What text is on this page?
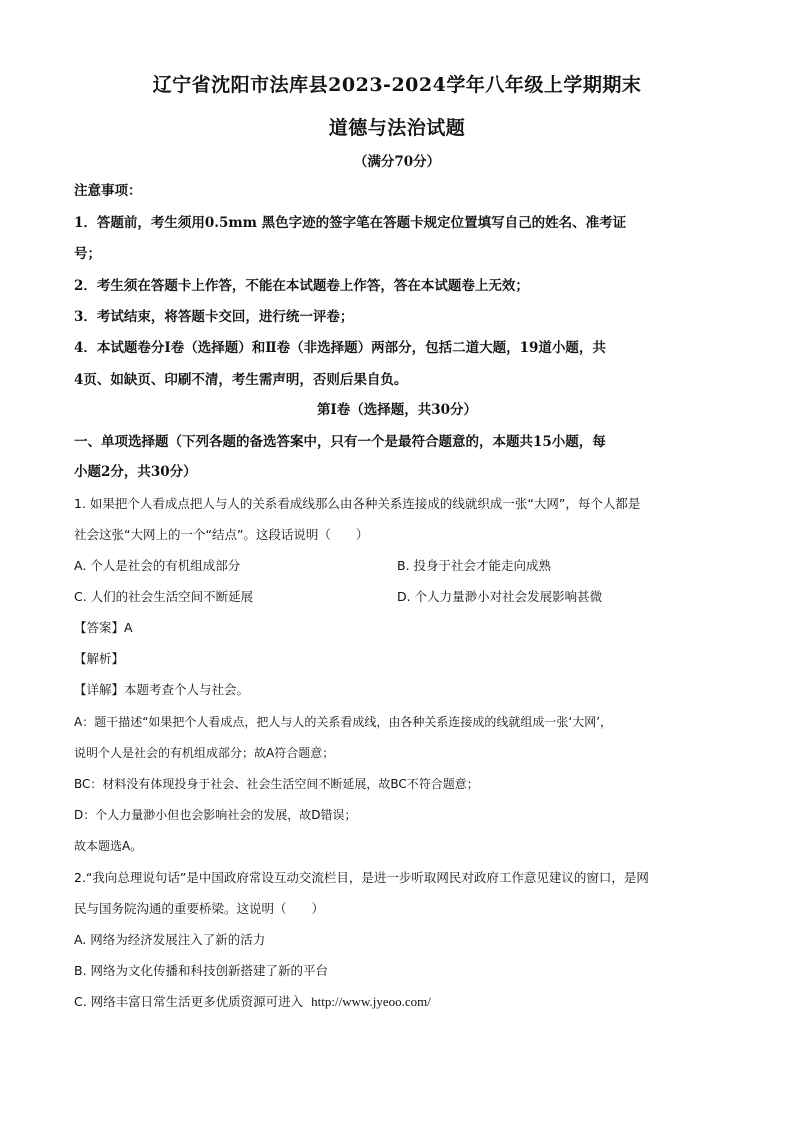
辽宁省沈阳市法库县2023-2024学年八年级上学期期末
道德与法治试题
（满分70分）
注意事项：
1．答题前，考生须用0.5mm 黑色字迹的签字笔在答题卡规定位置填写自己的姓名、准考证
号；
2．考生须在答题卡上作答，不能在本试题卷上作答，答在本试题卷上无效；
3．考试结束，将答题卡交回，进行统一评卷；
4．本试题卷分Ⅰ卷（选择题）和Ⅱ卷（非选择题）两部分，包括二道大题，19道小题，共
4页、如缺页、印刷不清，考生需声明，否则后果自负。
第Ⅰ卷（选择题，共30分）
一、单项选择题（下列各题的备选答案中，只有一个是最符合题意的，本题共15小题，每
小题2分，共30分）
1. 如果把个人看成点把人与人的关系看成线那么由各种关系连接成的线就织成一张“大网”，每个人都是
社会这张“大网上的一个“结点”。这段话说明（　　）
A. 个人是社会的有机组成部分	B. 投身于社会才能走向成熟
C. 人们的社会生活空间不断延展	D. 个人力量渺小对社会发展影响甚微
【答案】A
【解析】
【详解】本题考查个人与社会。
A：题干描述“如果把个人看成点，把人与人的关系看成线，由各种关系连接成的线就组成一张‘大网’，
说明个人是社会的有机组成部分；故A符合题意；
BC：材料没有体现投身于社会、社会生活空间不断延展，故BC不符合题意；
D：个人力量渺小但也会影响社会的发展，故D错误；
故本题选A。
2.“我向总理说句话”是中国政府常设互动交流栏目，是进一步听取网民对政府工作意见建议的窗口，是网
民与国务院沟通的重要桥梁。这说明（　　）
A. 网络为经济发展注入了新的活力
B. 网络为文化传播和科技创新搭建了新的平台
C. 网络丰富日常生活更多优质资源可进入 http://www.jyeoo.com/
